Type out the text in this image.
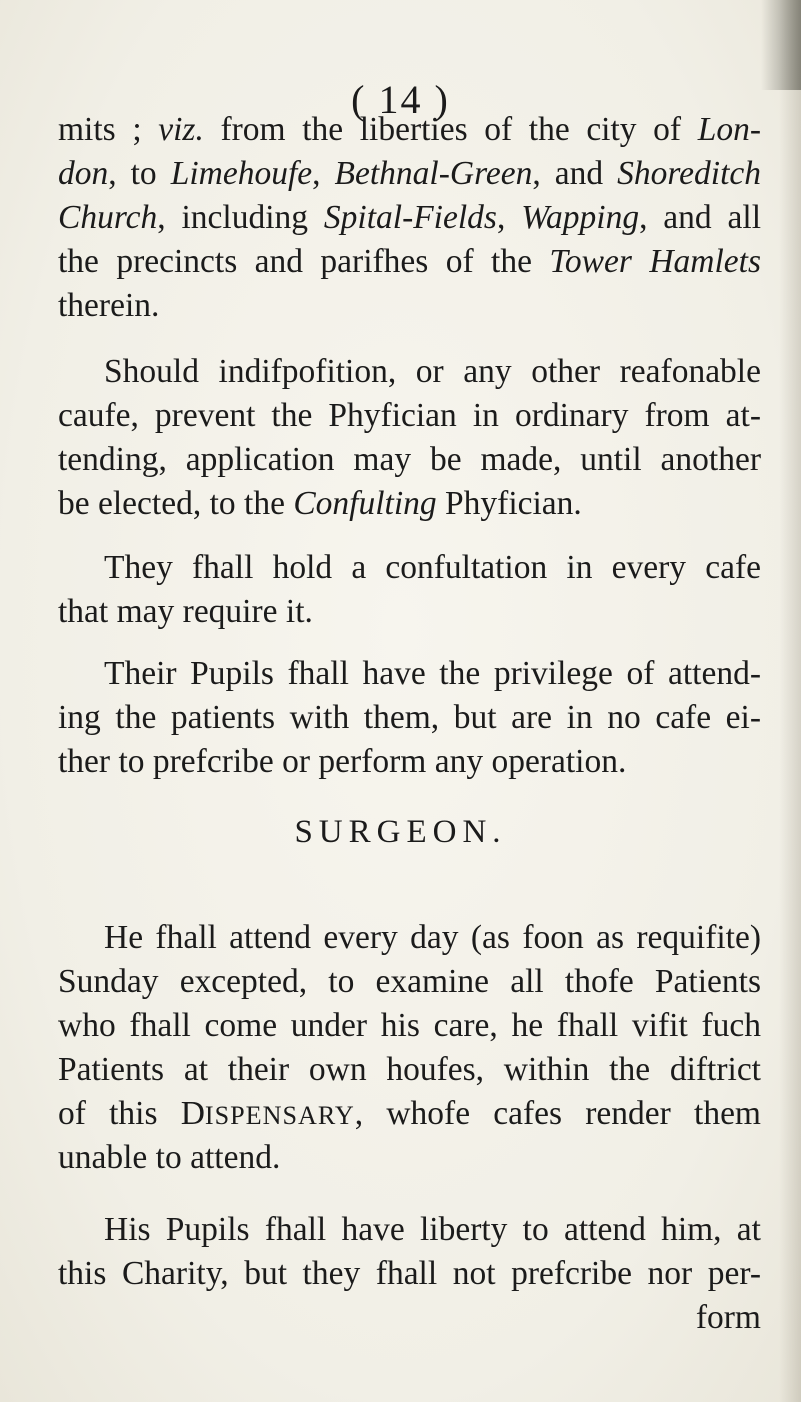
( 14 )
mits ; viz. from the liberties of the city of Lon-
don, to Limehoufe, Bethnal-Green, and Shoreditch
Church, including Spital-Fields, Wapping, and all
the precincts and parifhes of the Tower Hamlets
therein.
Should indifpofition, or any other reafonable
caufe, prevent the Phyfician in ordinary from at-
tending, application may be made, until another
be elected, to the Confulting Phyfician.
They fhall hold a confultation in every cafe
that may require it.
Their Pupils fhall have the privilege of attend-
ing the patients with them, but are in no cafe ei-
ther to prefcribe or perform any operation.
SURGEON.
He fhall attend every day (as foon as requifite)
Sunday excepted, to examine all thofe Patients
who fhall come under his care, he fhall vifit fuch
Patients at their own houfes, within the diftrict
of this DISPENSARY, whofe cafes render them
unable to attend.
His Pupils fhall have liberty to attend him, at
this Charity, but they fhall not prefcribe nor per-
form
